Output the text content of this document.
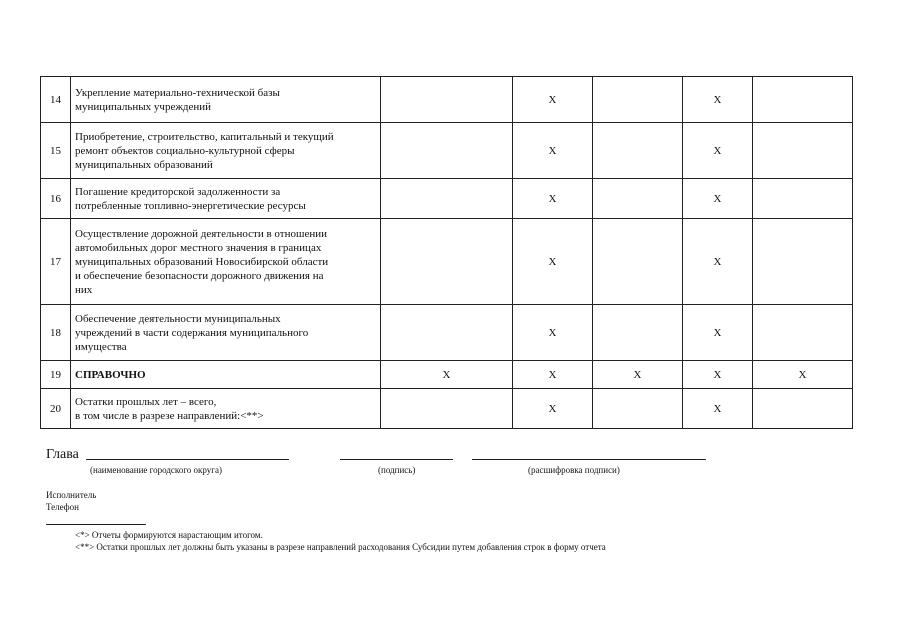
14	Укрепление материально-технической базы
муниципальных учреждений		Х		Х	
15	Приобретение, строительство, капитальный и текущий
ремонт объектов социально-культурной сферы
муниципальных образований		Х		Х	
16	Погашение кредиторской задолженности за
потребленные топливно-энергетические ресурсы		Х		Х	
17	Осуществление дорожной деятельности в отношении
автомобильных дорог местного значения в границах
муниципальных образований Новосибирской области
и обеспечение безопасности дорожного движения на
них		Х		Х	
18	Обеспечение деятельности муниципальных
учреждений в части содержания муниципального
имущества		Х		Х	
19	СПРАВОЧНО	Х	Х	Х	Х	Х
20	Остатки прошлых лет – всего,
в том числе в разрезе направлений:<**>		Х		Х	
Глава
(наименование городского округа)	(подпись)	(расшифровка подписи)
Исполнитель
Телефон
<*> Отчеты формируются нарастающим итогом.
<**> Остатки прошлых лет должны быть указаны в разрезе направлений расходования Субсидии путем добавления строк в форму отчета
